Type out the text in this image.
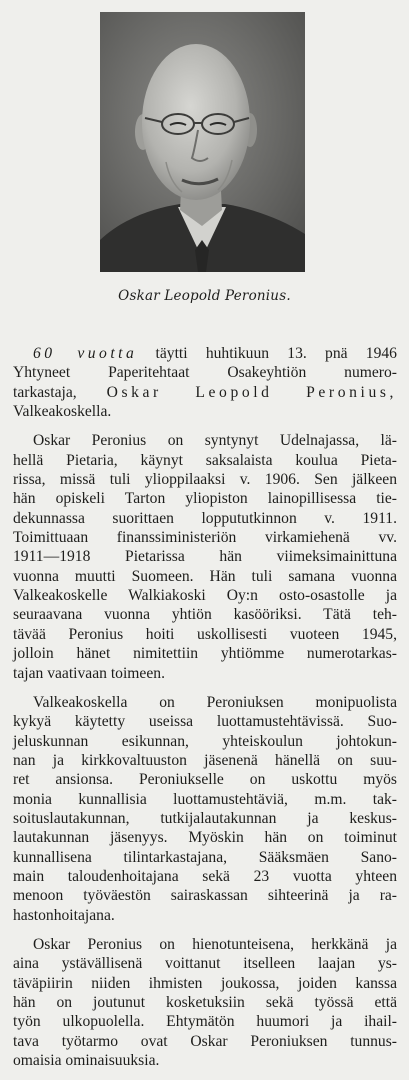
Oskar Leopold Peronius.
60 vuotta täytti huhtikuun 13. pnä 1946
Yhtyneet Paperitehtaat Osakeyhtiön numero-
tarkastaja, Oskar Leopold Peronius,
Valkeakoskella.
Oskar Peronius on syntynyt Udelnajassa, lä-
hellä Pietaria, käynyt saksalaista koulua Pieta-
rissa, missä tuli ylioppilaaksi v. 1906. Sen jälkeen
hän opiskeli Tarton yliopiston lainopillisessa tie-
dekunnassa suorittaen loppututkinnon v. 1911.
Toimittuaan finanssiministeriön virkamiehenä vv.
1911—1918 Pietarissa hän viimeksimainittuna
vuonna muutti Suomeen. Hän tuli samana vuonna
Valkeakoskelle Walkiakoski Oy:n osto-osastolle ja
seuraavana vuonna yhtiön kasööriksi. Tätä teh-
tävää Peronius hoiti uskollisesti vuoteen 1945,
jolloin hänet nimitettiin yhtiömme numerotarkas-
tajan vaativaan toimeen.
Valkeakoskella on Peroniuksen monipuolista
kykyä käytetty useissa luottamustehtävissä. Suo-
jeluskunnan esikunnan, yhteiskoulun johtokun-
nan ja kirkkovaltuuston jäsenenä hänellä on suu-
ret ansionsa. Peroniukselle on uskottu myös
monia kunnallisia luottamustehtäviä, m.m. tak-
soituslautakunnan, tutkijalautakunnan ja keskus-
lautakunnan jäsenyys. Myöskin hän on toiminut
kunnallisena tilintarkastajana, Sääksmäen Sano-
main taloudenhoitajana sekä 23 vuotta yhteen
menoon työväestön sairaskassan sihteerinä ja ra-
hastonhoitajana.
Oskar Peronius on hienotunteisena, herkkänä ja
aina ystävällisenä voittanut itselleen laajan ys-
täväpiirin niiden ihmisten joukossa, joiden kanssa
hän on joutunut kosketuksiin sekä työssä että
työn ulkopuolella. Ehtymätön huumori ja ihail-
tava työtarmo ovat Oskar Peroniuksen tunnus-
omaisia ominaisuuksia.
